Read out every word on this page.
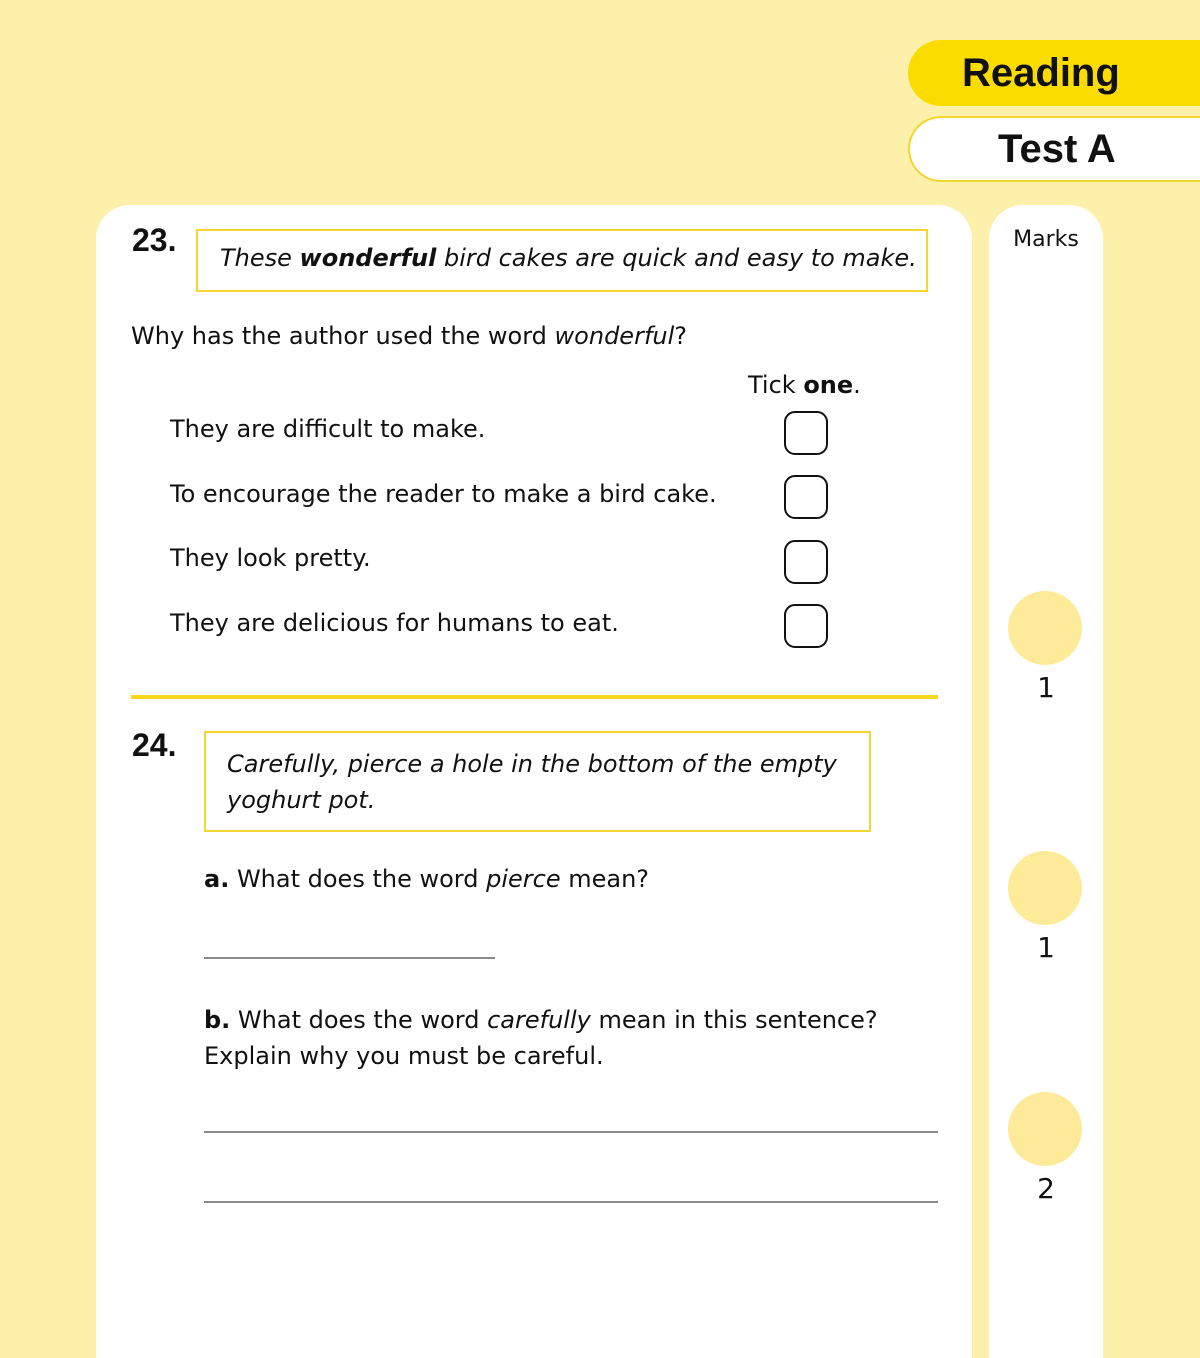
Reading
Test A
23.	These wonderful bird cakes are quick and easy to make.
Why has the author used the word wonderful?
Tick one.
They are difficult to make.
To encourage the reader to make a bird cake.
They look pretty.
They are delicious for humans to eat.
24.
Carefully, pierce a hole in the bottom of the empty
yoghurt pot.
a. What does the word pierce mean?
b. What does the word carefully mean in this sentence?
Explain why you must be careful.
Marks
1
1
2
